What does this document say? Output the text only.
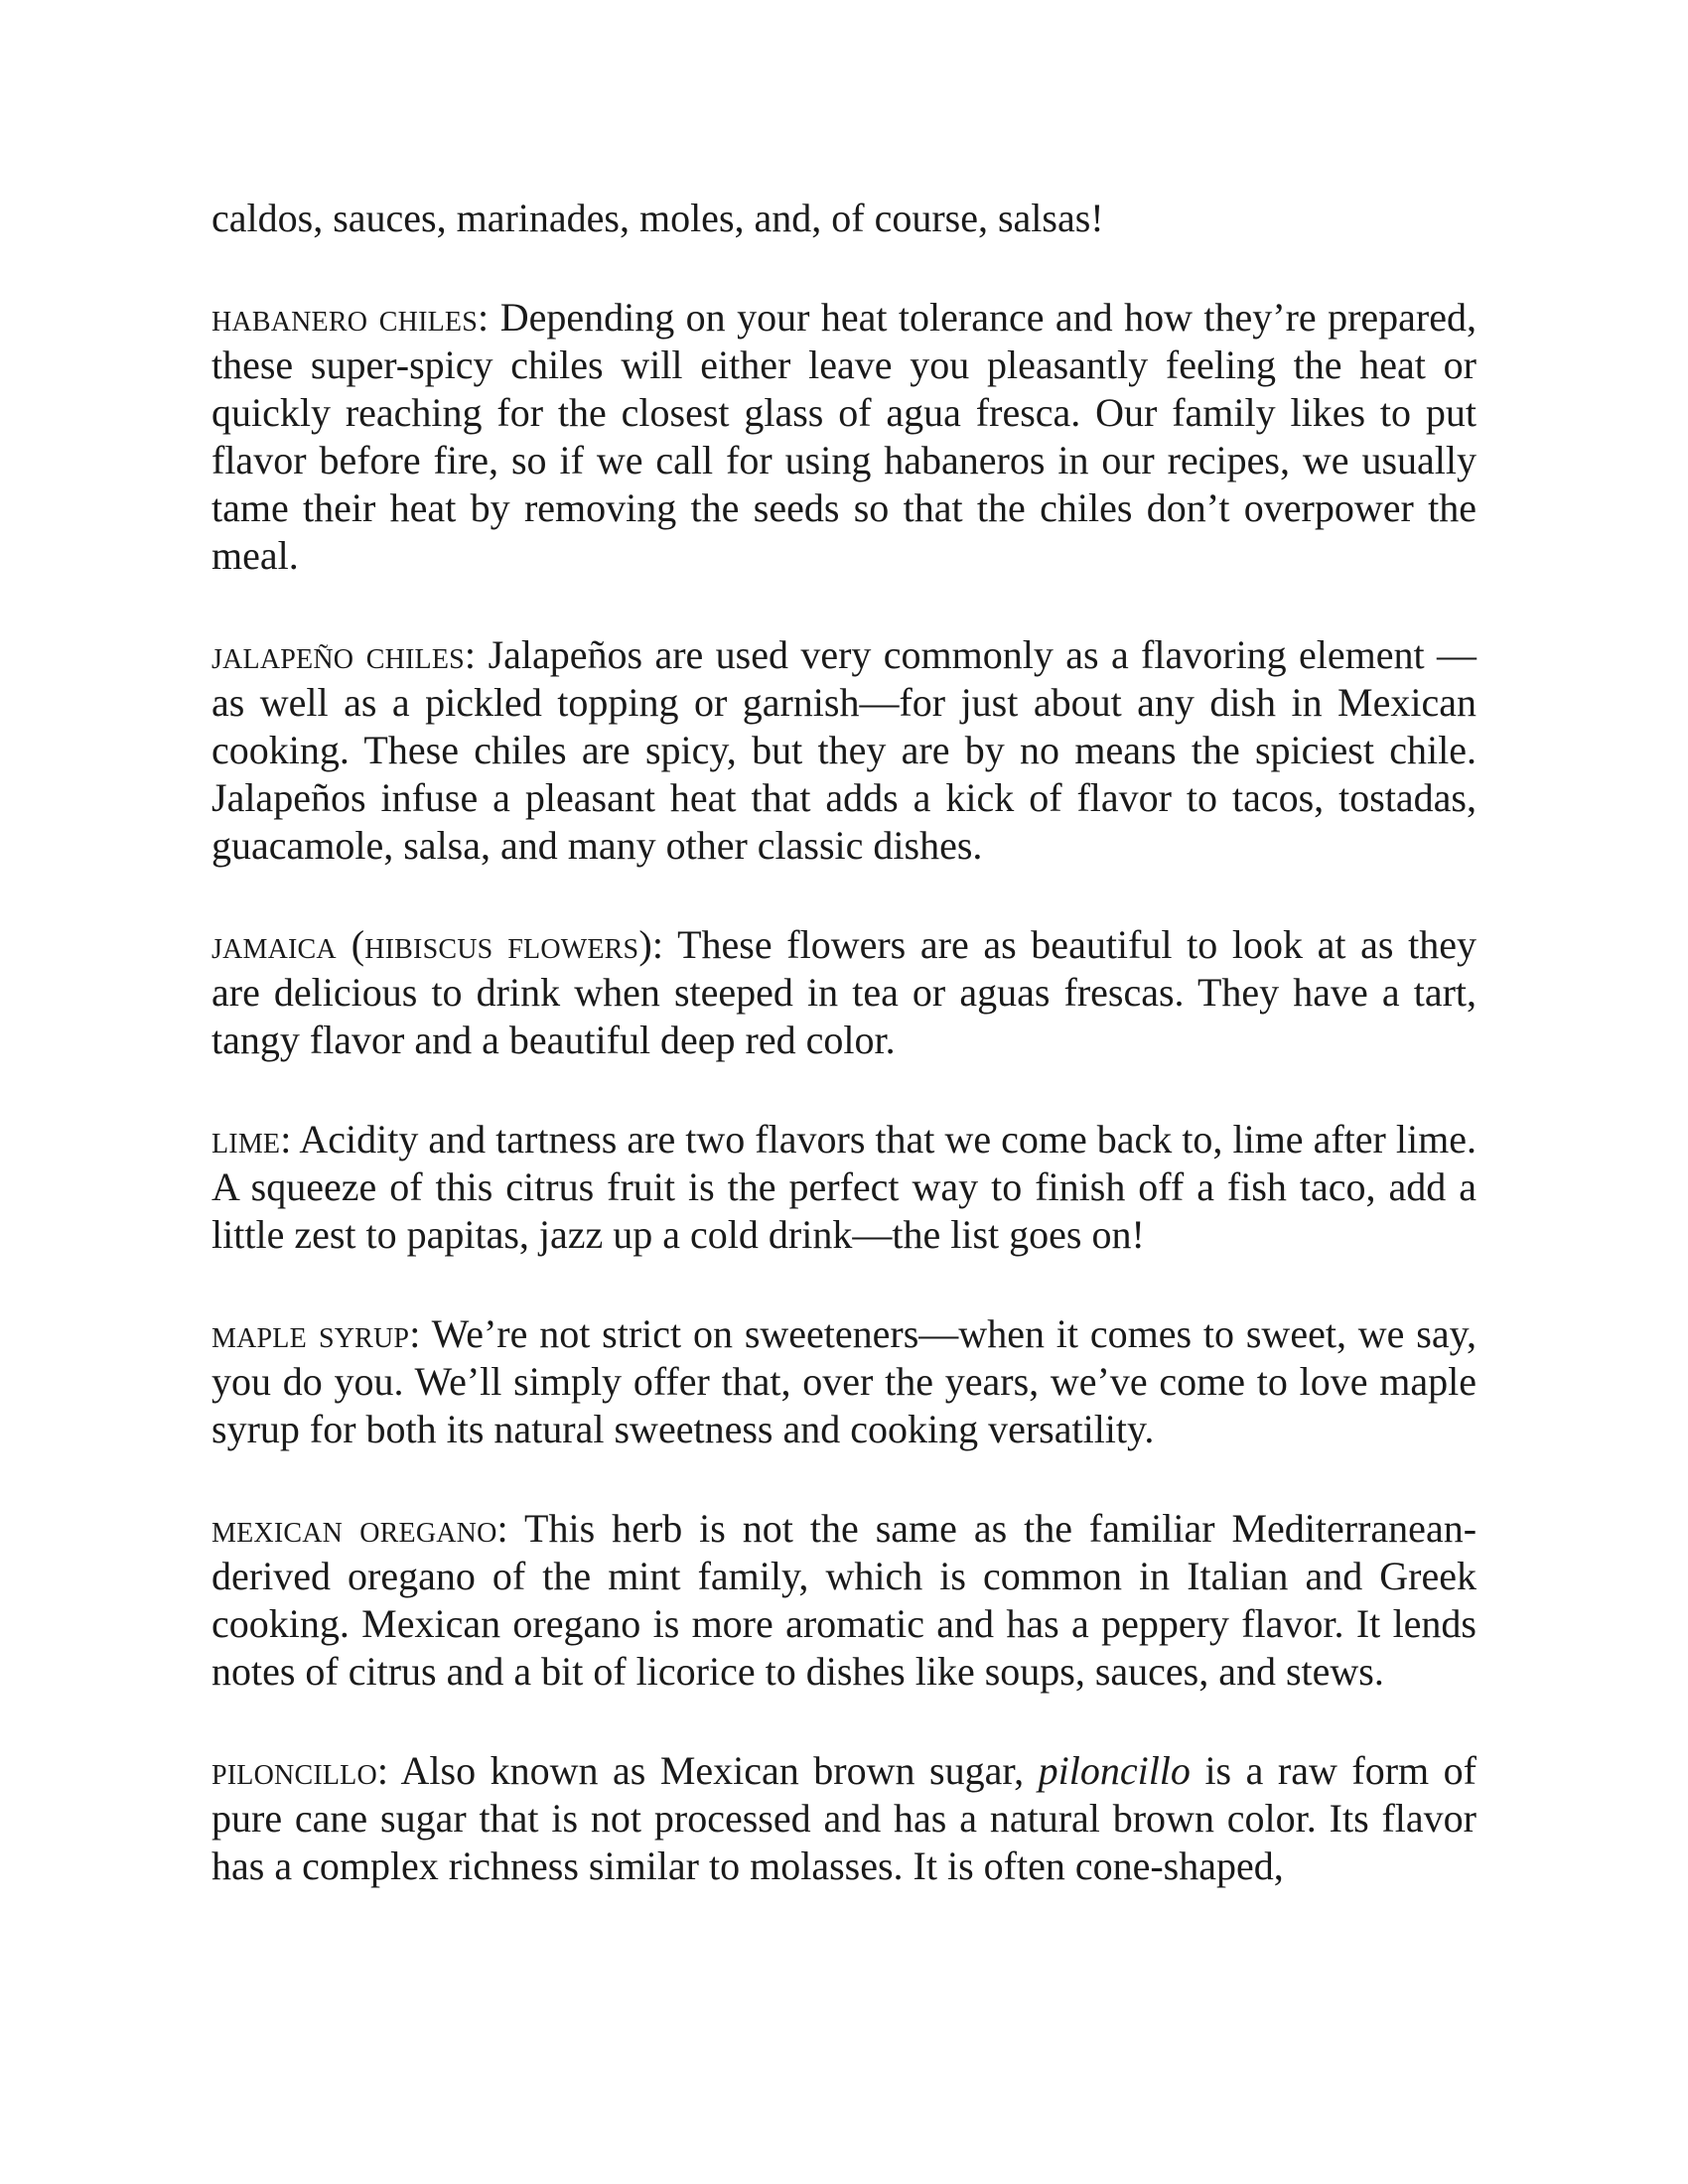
caldos, sauces, marinades, moles, and, of course, salsas!

habanero chiles: Depending on your heat tolerance and how they’re prepared, these super-spicy chiles will either leave you pleasantly feeling the heat or quickly reaching for the closest glass of agua fresca. Our family likes to put flavor before fire, so if we call for using habaneros in our recipes, we usually tame their heat by removing the seeds so that the chiles don’t overpower the meal.

jalapeño chiles: Jalapeños are used very commonly as a flavoring element —as well as a pickled topping or garnish—for just about any dish in Mexican cooking. These chiles are spicy, but they are by no means the spiciest chile. Jalapeños infuse a pleasant heat that adds a kick of flavor to tacos, tostadas, guacamole, salsa, and many other classic dishes.

jamaica (hibiscus flowers): These flowers are as beautiful to look at as they are delicious to drink when steeped in tea or aguas frescas. They have a tart, tangy flavor and a beautiful deep red color.

lime: Acidity and tartness are two flavors that we come back to, lime after lime. A squeeze of this citrus fruit is the perfect way to finish off a fish taco, add a little zest to papitas, jazz up a cold drink—the list goes on!

maple syrup: We’re not strict on sweeteners—when it comes to sweet, we say, you do you. We’ll simply offer that, over the years, we’ve come to love maple syrup for both its natural sweetness and cooking versatility.

mexican oregano: This herb is not the same as the familiar Mediterranean-derived oregano of the mint family, which is common in Italian and Greek cooking. Mexican oregano is more aromatic and has a peppery flavor. It lends notes of citrus and a bit of licorice to dishes like soups, sauces, and stews.

piloncillo: Also known as Mexican brown sugar, piloncillo is a raw form of pure cane sugar that is not processed and has a natural brown color. Its flavor has a complex richness similar to molasses. It is often cone-shaped,
